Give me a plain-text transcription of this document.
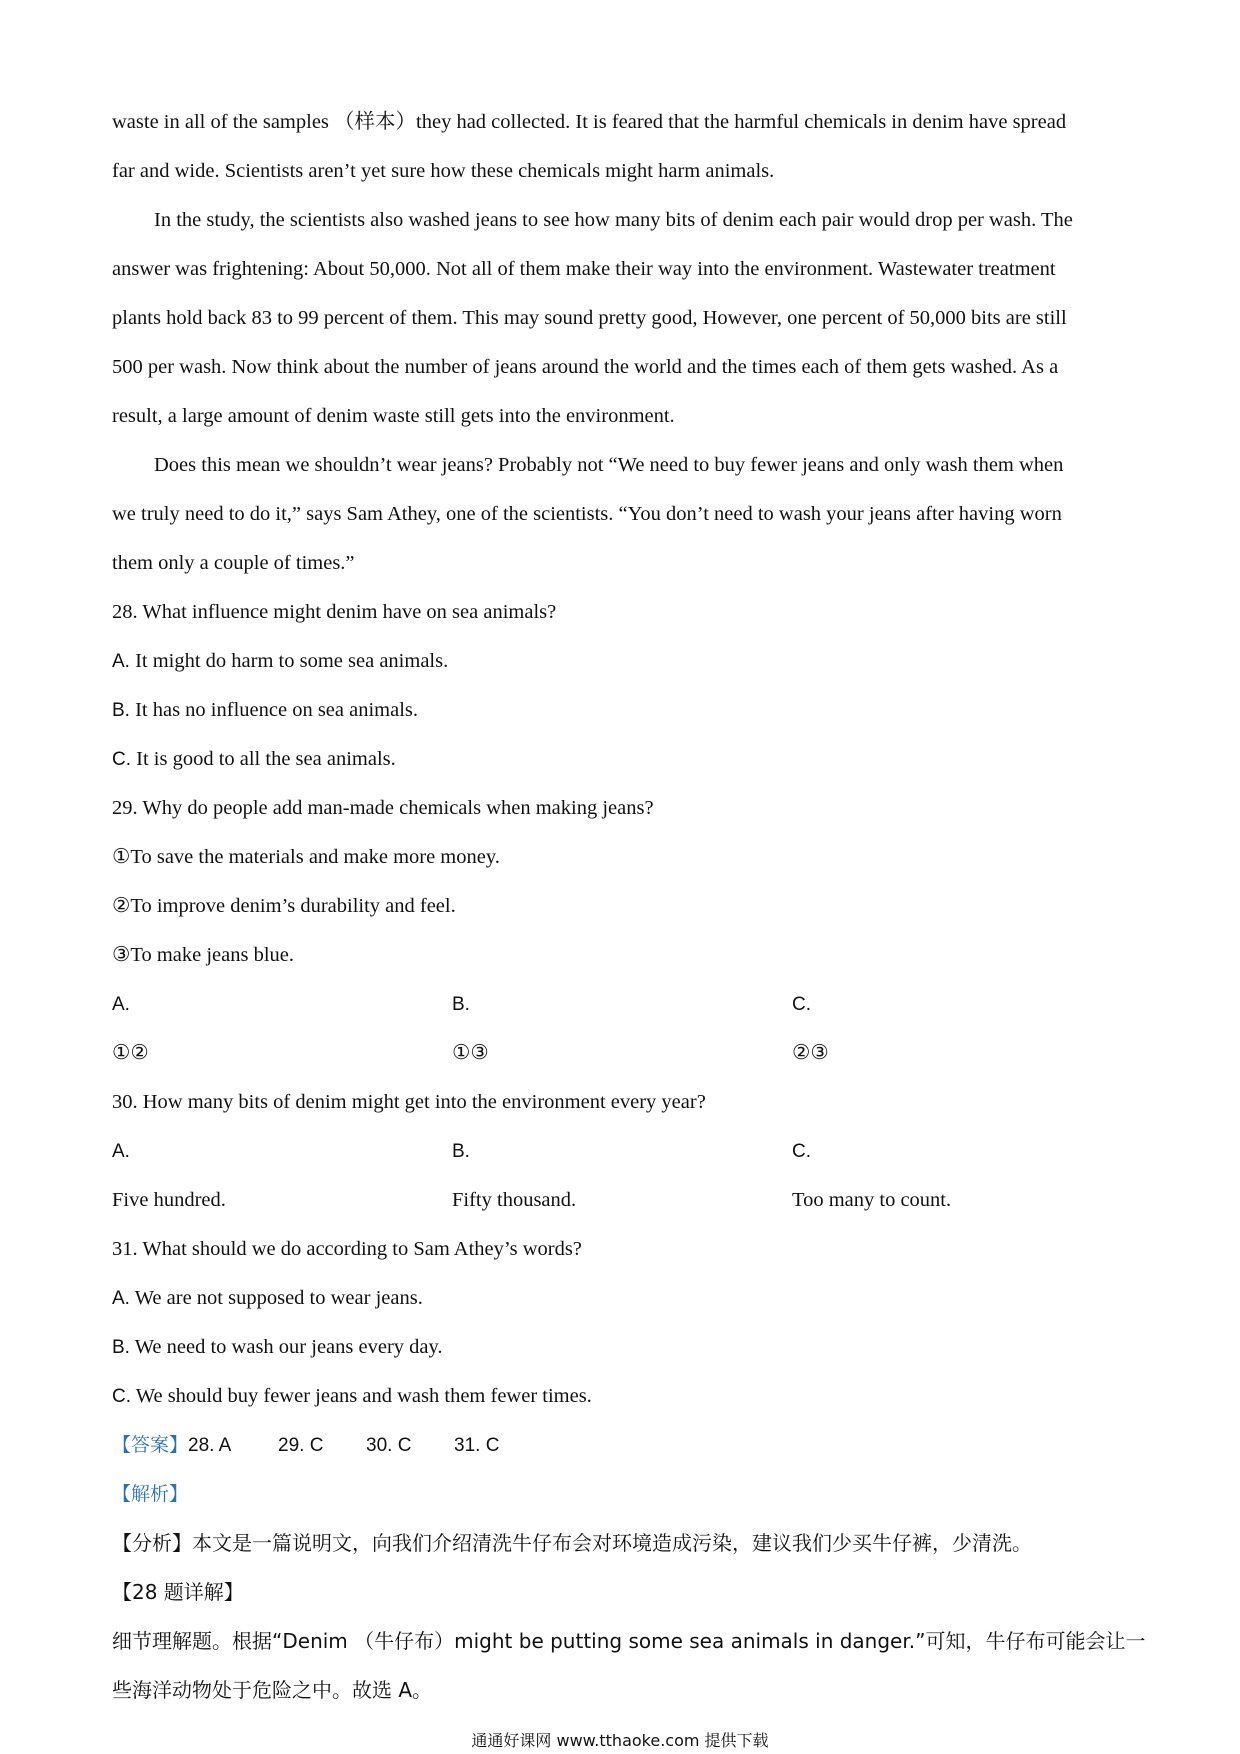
waste in all of the samples （样本）they had collected. It is feared that the harmful chemicals in denim have spread
far and wide. Scientists aren’t yet sure how these chemicals might harm animals.
In the study, the scientists also washed jeans to see how many bits of denim each pair would drop per wash. The
answer was frightening: About 50,000. Not all of them make their way into the environment. Wastewater treatment
plants hold back 83 to 99 percent of them. This may sound pretty good, However, one percent of 50,000 bits are still
500 per wash. Now think about the number of jeans around the world and the times each of them gets washed. As a
result, a large amount of denim waste still gets into the environment.
Does this mean we shouldn’t wear jeans? Probably not “We need to buy fewer jeans and only wash them when
we truly need to do it,” says Sam Athey, one of the scientists. “You don’t need to wash your jeans after having worn
them only a couple of times.”
28. What influence might denim have on sea animals?
A. It might do harm to some sea animals.
B. It has no influence on sea animals.
C. It is good to all the sea animals.
29. Why do people add man-made chemicals when making jeans?
①To save the materials and make more money.
②To improve denim’s durability and feel.
③To make jeans blue.
A.
①②
B.
①③
C.
②③
30. How many bits of denim might get into the environment every year?
A.
Five hundred.
B.
Fifty thousand.
C.
Too many to count.
31. What should we do according to Sam Athey’s words?
A. We are not supposed to wear jeans.
B. We need to wash our jeans every day.
C. We should buy fewer jeans and wash them fewer times.
【答案】28. A 29. C 30. C 31. C
【解析】
【分析】本文是一篇说明文，向我们介绍清洗牛仔布会对环境造成污染，建议我们少买牛仔裤，少清洗。
【28 题详解】
细节理解题。根据“Denim （牛仔布）might be putting some sea animals in danger.”可知，牛仔布可能会让一
些海洋动物处于危险之中。故选 A。
通通好课网 www.tthaoke.com 提供下载
